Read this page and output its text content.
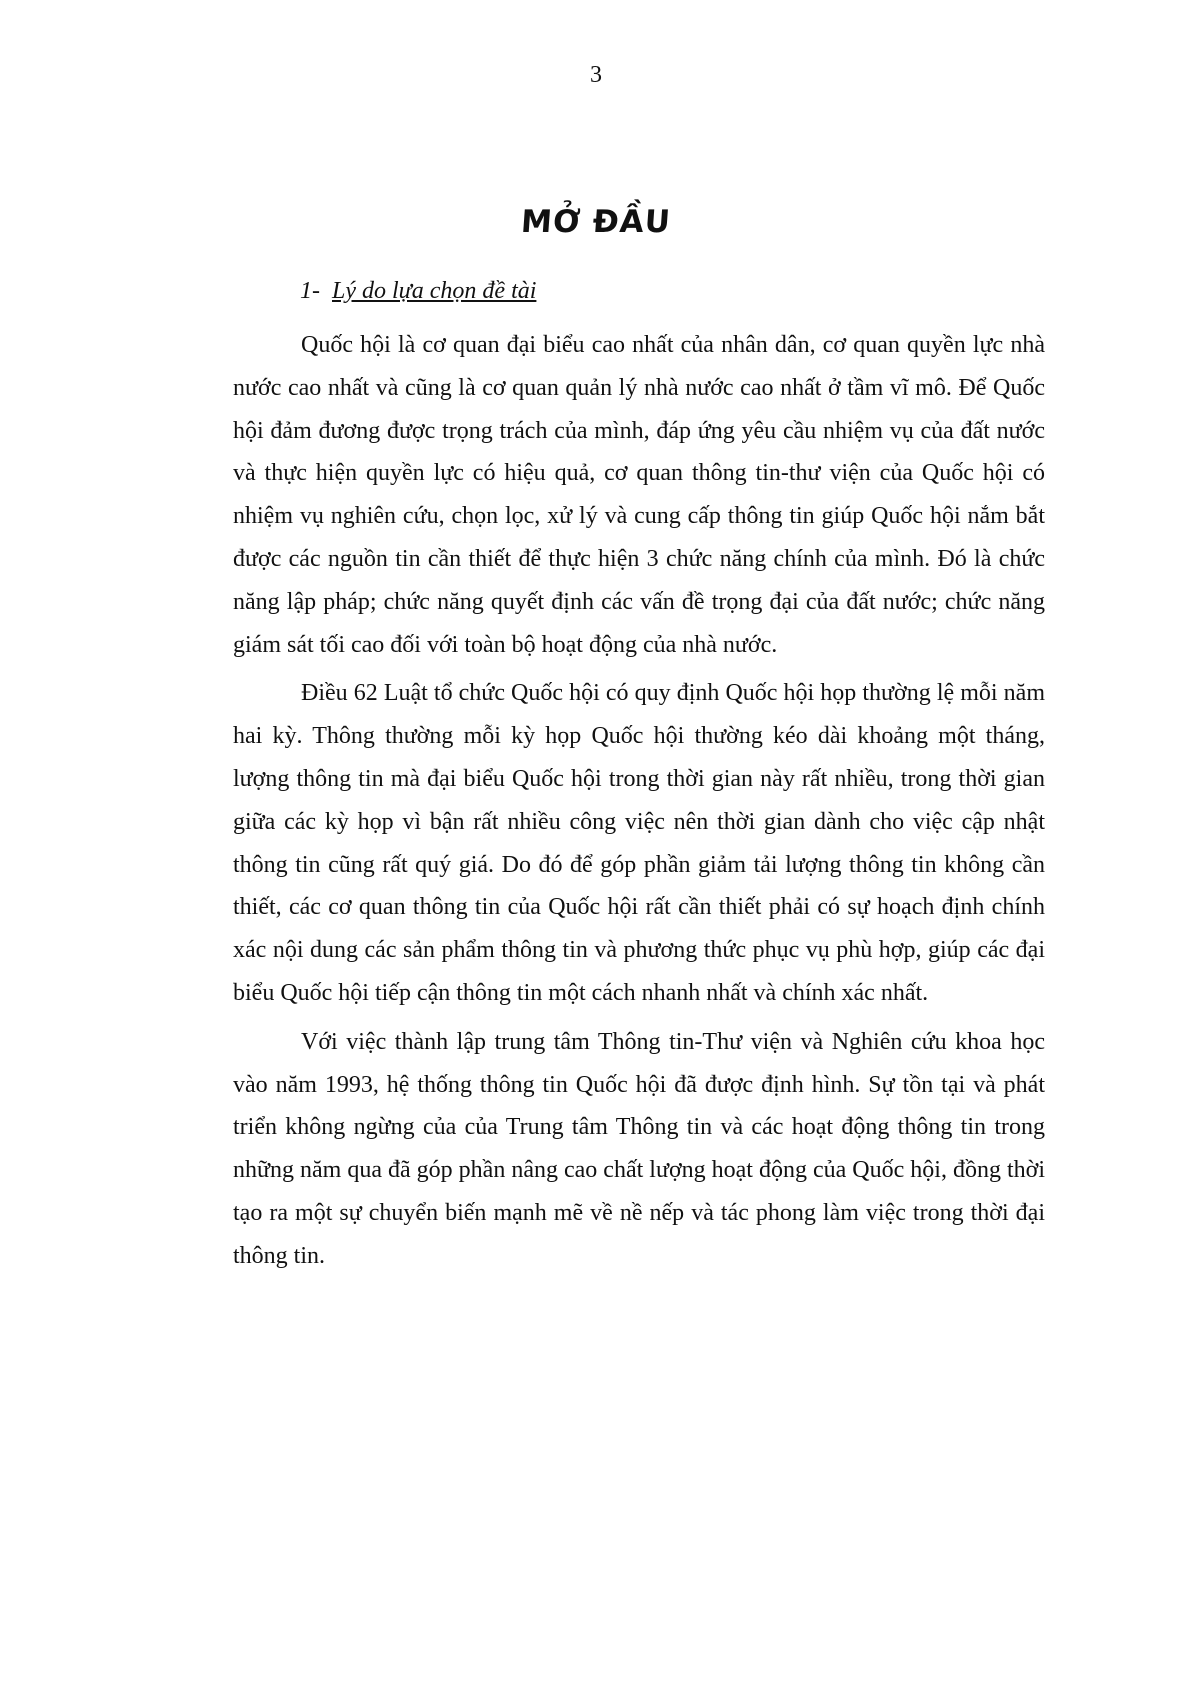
3
MỞ ĐẦU
1- Lý do lựa chọn đề tài

Quốc hội là cơ quan đại biểu cao nhất của nhân dân, cơ quan quyền lực nhà nước cao nhất và cũng là cơ quan quản lý nhà nước cao nhất ở tầm vĩ mô. Để Quốc hội đảm đương được trọng trách của mình, đáp ứng yêu cầu nhiệm vụ của đất nước và thực hiện quyền lực có hiệu quả, cơ quan thông tin-thư viện của Quốc hội có nhiệm vụ nghiên cứu, chọn lọc, xử lý và cung cấp thông tin giúp Quốc hội nắm bắt được các nguồn tin cần thiết để thực hiện 3 chức năng chính của mình. Đó là chức năng lập pháp; chức năng quyết định các vấn đề trọng đại của đất nước; chức năng giám sát tối cao đối với toàn bộ hoạt động của nhà nước.

Điều 62 Luật tổ chức Quốc hội có quy định Quốc hội họp thường lệ mỗi năm hai kỳ. Thông thường mỗi kỳ họp Quốc hội thường kéo dài khoảng một tháng, lượng thông tin mà đại biểu Quốc hội trong thời gian này rất nhiều, trong thời gian giữa các kỳ họp vì bận rất nhiều công việc nên thời gian dành cho việc cập nhật thông tin cũng rất quý giá. Do đó để góp phần giảm tải lượng thông tin không cần thiết, các cơ quan thông tin của Quốc hội rất cần thiết phải có sự hoạch định chính xác nội dung các sản phẩm thông tin và phương thức phục vụ phù hợp, giúp các đại biểu Quốc hội tiếp cận thông tin một cách nhanh nhất và chính xác nhất.

Với việc thành lập trung tâm Thông tin-Thư viện và Nghiên cứu khoa học vào năm 1993, hệ thống thông tin Quốc hội đã được định hình. Sự tồn tại và phát triển không ngừng của của Trung tâm Thông tin và các hoạt động thông tin trong những năm qua đã góp phần nâng cao chất lượng hoạt động của Quốc hội, đồng thời tạo ra một sự chuyển biến mạnh mẽ về nề nếp và tác phong làm việc trong thời đại thông tin.
